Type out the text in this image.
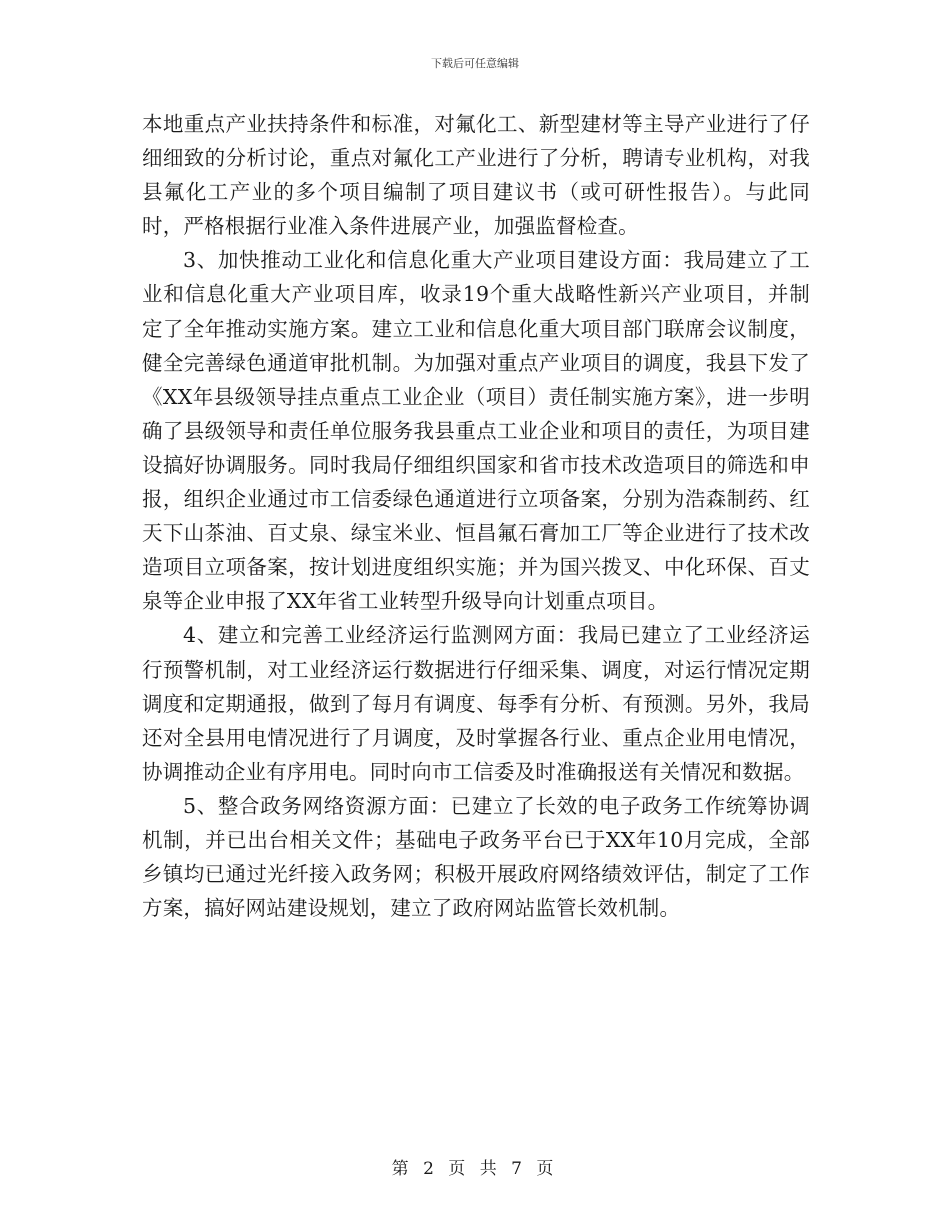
下载后可任意编辑

本地重点产业扶持条件和标准，对氟化工、新型建材等主导产业进行了仔细细致的分析讨论，重点对氟化工产业进行了分析，聘请专业机构，对我县氟化工产业的多个项目编制了项目建议书（或可研性报告）。与此同时，严格根据行业准入条件进展产业，加强监督检查。

3、加快推动工业化和信息化重大产业项目建设方面：我局建立了工业和信息化重大产业项目库，收录19个重大战略性新兴产业项目，并制定了全年推动实施方案。建立工业和信息化重大项目部门联席会议制度，健全完善绿色通道审批机制。为加强对重点产业项目的调度，我县下发了《XX年县级领导挂点重点工业企业（项目）责任制实施方案》，进一步明确了县级领导和责任单位服务我县重点工业企业和项目的责任，为项目建设搞好协调服务。同时我局仔细组织国家和省市技术改造项目的筛选和申报，组织企业通过市工信委绿色通道进行立项备案，分别为浩森制药、红天下山茶油、百丈泉、绿宝米业、恒昌氟石膏加工厂等企业进行了技术改造项目立项备案，按计划进度组织实施；并为国兴拨叉、中化环保、百丈泉等企业申报了XX年省工业转型升级导向计划重点项目。

4、建立和完善工业经济运行监测网方面：我局已建立了工业经济运行预警机制，对工业经济运行数据进行仔细采集、调度，对运行情况定期调度和定期通报，做到了每月有调度、每季有分析、有预测。另外，我局还对全县用电情况进行了月调度，及时掌握各行业、重点企业用电情况，协调推动企业有序用电。同时向市工信委及时准确报送有关情况和数据。

5、整合政务网络资源方面：已建立了长效的电子政务工作统筹协调机制，并已出台相关文件；基础电子政务平台已于XX年10月完成，全部乡镇均已通过光纤接入政务网；积极开展政府网络绩效评估，制定了工作方案，搞好网站建设规划，建立了政府网站监管长效机制。

第 2 页 共 7 页
